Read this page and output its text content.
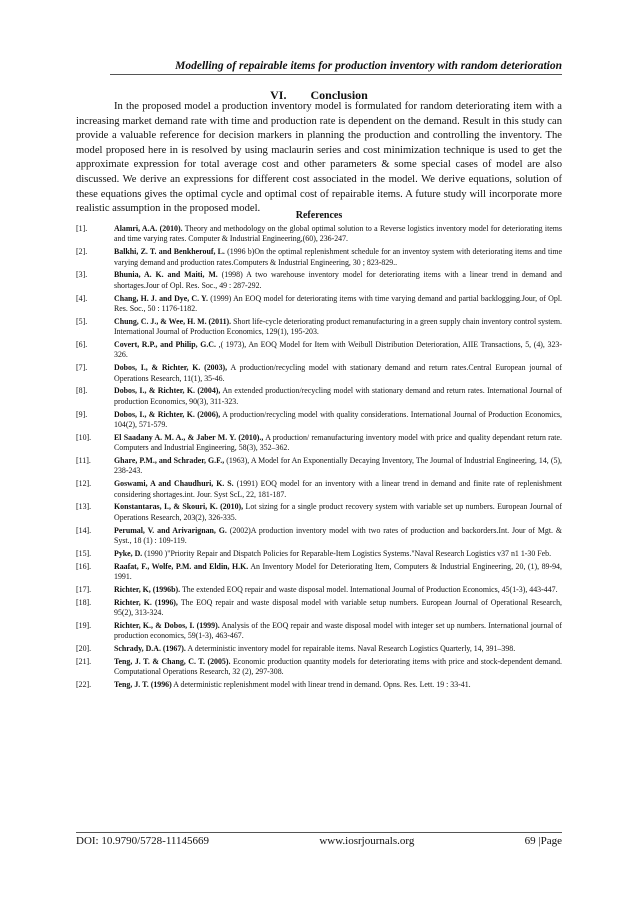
Modelling of repairable items for production inventory with random deterioration
VI. Conclusion

In the proposed model a production inventory model is formulated for random deteriorating item with a increasing market demand rate with time and production rate is dependent on the demand. Result in this study can provide a valuable reference for decision markers in planning the production and controlling the inventory. The model proposed here in is resolved by using maclaurin series and cost minimization technique is used to get the approximate expression for total average cost and other parameters & some special cases of model are also discussed. We derive an expressions for different cost associated in the model. We derive equations, solution of these equations gives the optimal cycle and optimal cost of repairable items. A future study will incorporate more realistic assumption in the proposed model.

References
[1].	Alamri, A.A. (2010). Theory and methodology on the global optimal solution to a Reverse logistics inventory model for deteriorating items and time varying rates. Computer & Industrial Engineering,(60), 236-247.
[2].	Balkhi, Z. T. and Benkherouf, L. (1996 b)On the optimal replenishment schedule for an inventoy system with deteriorating items and time varying demand and production rates.Computers & Industrial Engineering, 30 ; 823-829..
[3].	Bhunia, A. K. and Maiti, M. (1998) A two warehouse inventory model for deteriorating items with a linear trend in demand and shortages.Jour of Opl. Res. Soc., 49 : 287-292.
[4].	Chang, H. J. and Dye, C. Y. (1999) An EOQ model for deteriorating items with time varying demand and partial backlogging.Jour, of Opl. Res. Soc., 50 : 1176-1182.
[5].	Chung, C. J., & Wee, H. M. (2011). Short life-cycle deteriorating product remanufacturing in a green supply chain inventory control system. International Journal of Production Economics, 129(1), 195-203.
[6].	Covert, R.P., and Philip, G.C. ,( 1973), An EOQ Model for Item with Weibull Distribution Deterioration, AIIE Transactions, 5, (4), 323-326.
[7].	Dobos, I., & Richter, K. (2003), A production/recycling model with stationary demand and return rates.Central European journal of Operations Research, 11(1), 35-46.
[8].	Dobos, I., & Richter, K. (2004), An extended production/recycling model with stationary demand and return rates. International Journal of production Economics, 90(3), 311-323.
[9].	Dobos, I., & Richter, K. (2006), A production/recycling model with quality considerations. International Journal of Production Economics, 104(2), 571-579.
[10].	El Saadany A. M. A., & Jaber M. Y. (2010)., A production/ remanufacturing inventory model with price and quality dependant return rate. Computers and Industrial Engineering, 58(3), 352–362.
[11].	Ghare, P.M., and Schrader, G.F., (1963), A Model for An Exponentially Decaying Inventory, The Journal of Industrial Engineering, 14, (5), 238-243.
[12].	Goswami, A and Chaudhuri, K. S. (1991) EOQ model for an inventory with a linear trend in demand and finite rate of replenishment considering shortages.int. Jour. Syst ScL, 22, 181-187.
[13].	Konstantaras, I., & Skouri, K. (2010), Lot sizing for a single product recovery system with variable set up numbers. European Journal of Operations Research, 203(2), 326-335.
[14].	Perumal, V. and Arivarignan, G. (2002)A production inventory model with two rates of production and backorders.Int. Jour of Mgt. & Syst., 18 (1) : 109-119.
[15].	Pyke, D. (1990 )"Priority Repair and Dispatch Policies for Reparable-Item Logistics Systems."Naval Research Logistics v37 n1 1-30 Feb.
[16].	Raafat, F., Wolfe, P.M. and Eldin, H.K. An Inventory Model for Deteriorating Item, Computers & Industrial Engineering, 20, (1), 89-94, 1991.
[17].	Richter, K, (1996b). The extended EOQ repair and waste disposal model. International Journal of Production Economics, 45(1-3), 443-447.
[18].	Richter, K. (1996), The EOQ repair and waste disposal model with variable setup numbers. European Journal of Operational Research, 95(2), 313-324.
[19].	Richter, K., & Dobos, I. (1999). Analysis of the EOQ repair and waste disposal model with integer set up numbers. International journal of production economics, 59(1-3), 463-467.
[20].	Schrady, D.A. (1967). A deterministic inventory model for repairable items. Naval Research Logistics Quarterly, 14, 391–398.
[21].	Teng, J. T. & Chang, C. T. (2005). Economic production quantity models for deteriorating items with price and stock-dependent demand. Computational Operations Research, 32 (2), 297-308.
[22].	Teng, J. T. (1996) A deterministic replenishment model with linear trend in demand. Opns. Res. Lett. 19 : 33-41.
DOI: 10.9790/5728-11145669	www.iosrjournals.org	69 |Page
